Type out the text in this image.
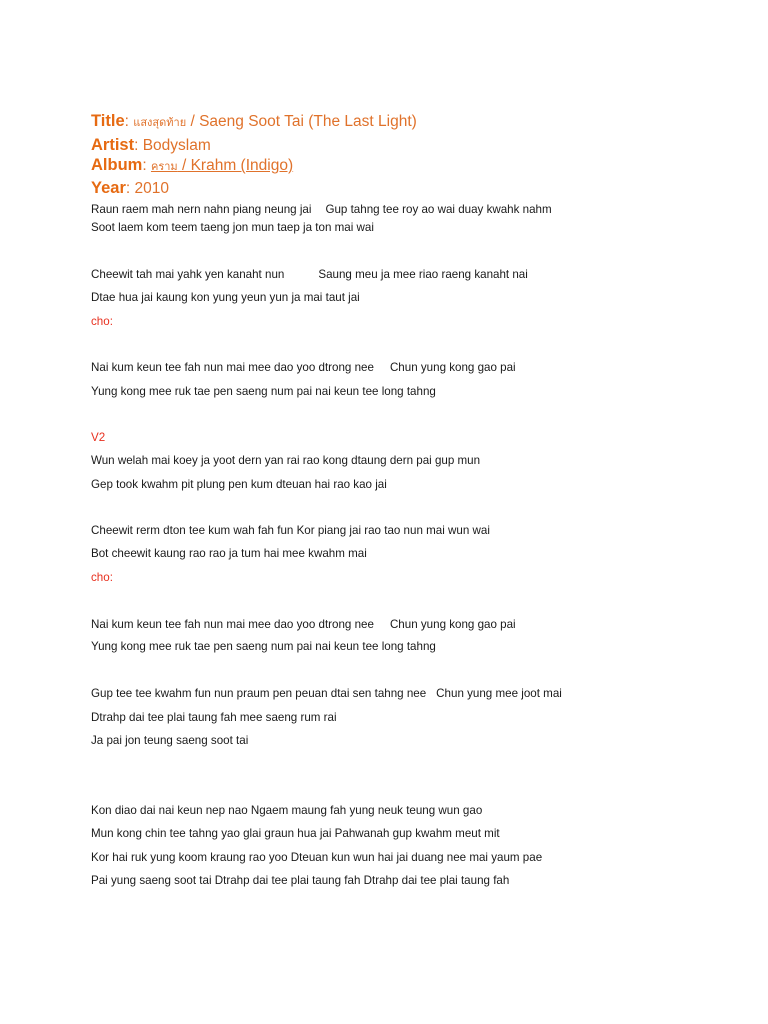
Title: แสงสุดท้าย / Saeng Soot Tai (The Last Light)
Artist: Bodyslam
Album: คราม / Krahm (Indigo)
Year: 2010
Raun raem mah nern nahn piang neung jai Gup tahng tee roy ao wai duay kwahk nahm
Soot laem kom teem taeng jon mun taep ja ton mai wai
Cheewit tah mai yahk yen kanaht nun	Saung meu ja mee riao raeng kanaht nai
Dtae hua jai kaung kon yung yeun yun ja mai taut jai
cho:
Nai kum keun tee fah nun mai mee dao yoo dtrong nee Chun yung kong gao pai
Yung kong mee ruk tae pen saeng num pai nai keun tee long tahng
V2
Wun welah mai koey ja yoot dern yan rai rao kong dtaung dern pai gup mun
Gep took kwahm pit plung pen kum dteuan hai rao kao jai
Cheewit rerm dton tee kum wah fah fun Kor piang jai rao tao nun mai wun wai
Bot cheewit kaung rao rao ja tum hai mee kwahm mai
cho:
Nai kum keun tee fah nun mai mee dao yoo dtrong nee Chun yung kong gao pai
Yung kong mee ruk tae pen saeng num pai nai keun tee long tahng
Gup tee tee kwahm fun nun praum pen peuan dtai sen tahng nee Chun yung mee joot mai
Dtrahp dai tee plai taung fah mee saeng rum rai
Ja pai jon teung saeng soot tai
Kon diao dai nai keun nep nao Ngaem maung fah yung neuk teung wun gao
Mun kong chin tee tahng yao glai graun hua jai Pahwanah gup kwahm meut mit
Kor hai ruk yung koom kraung rao yoo Dteuan kun wun hai jai duang nee mai yaum pae
Pai yung saeng soot tai Dtrahp dai tee plai taung fah Dtrahp dai tee plai taung fah
